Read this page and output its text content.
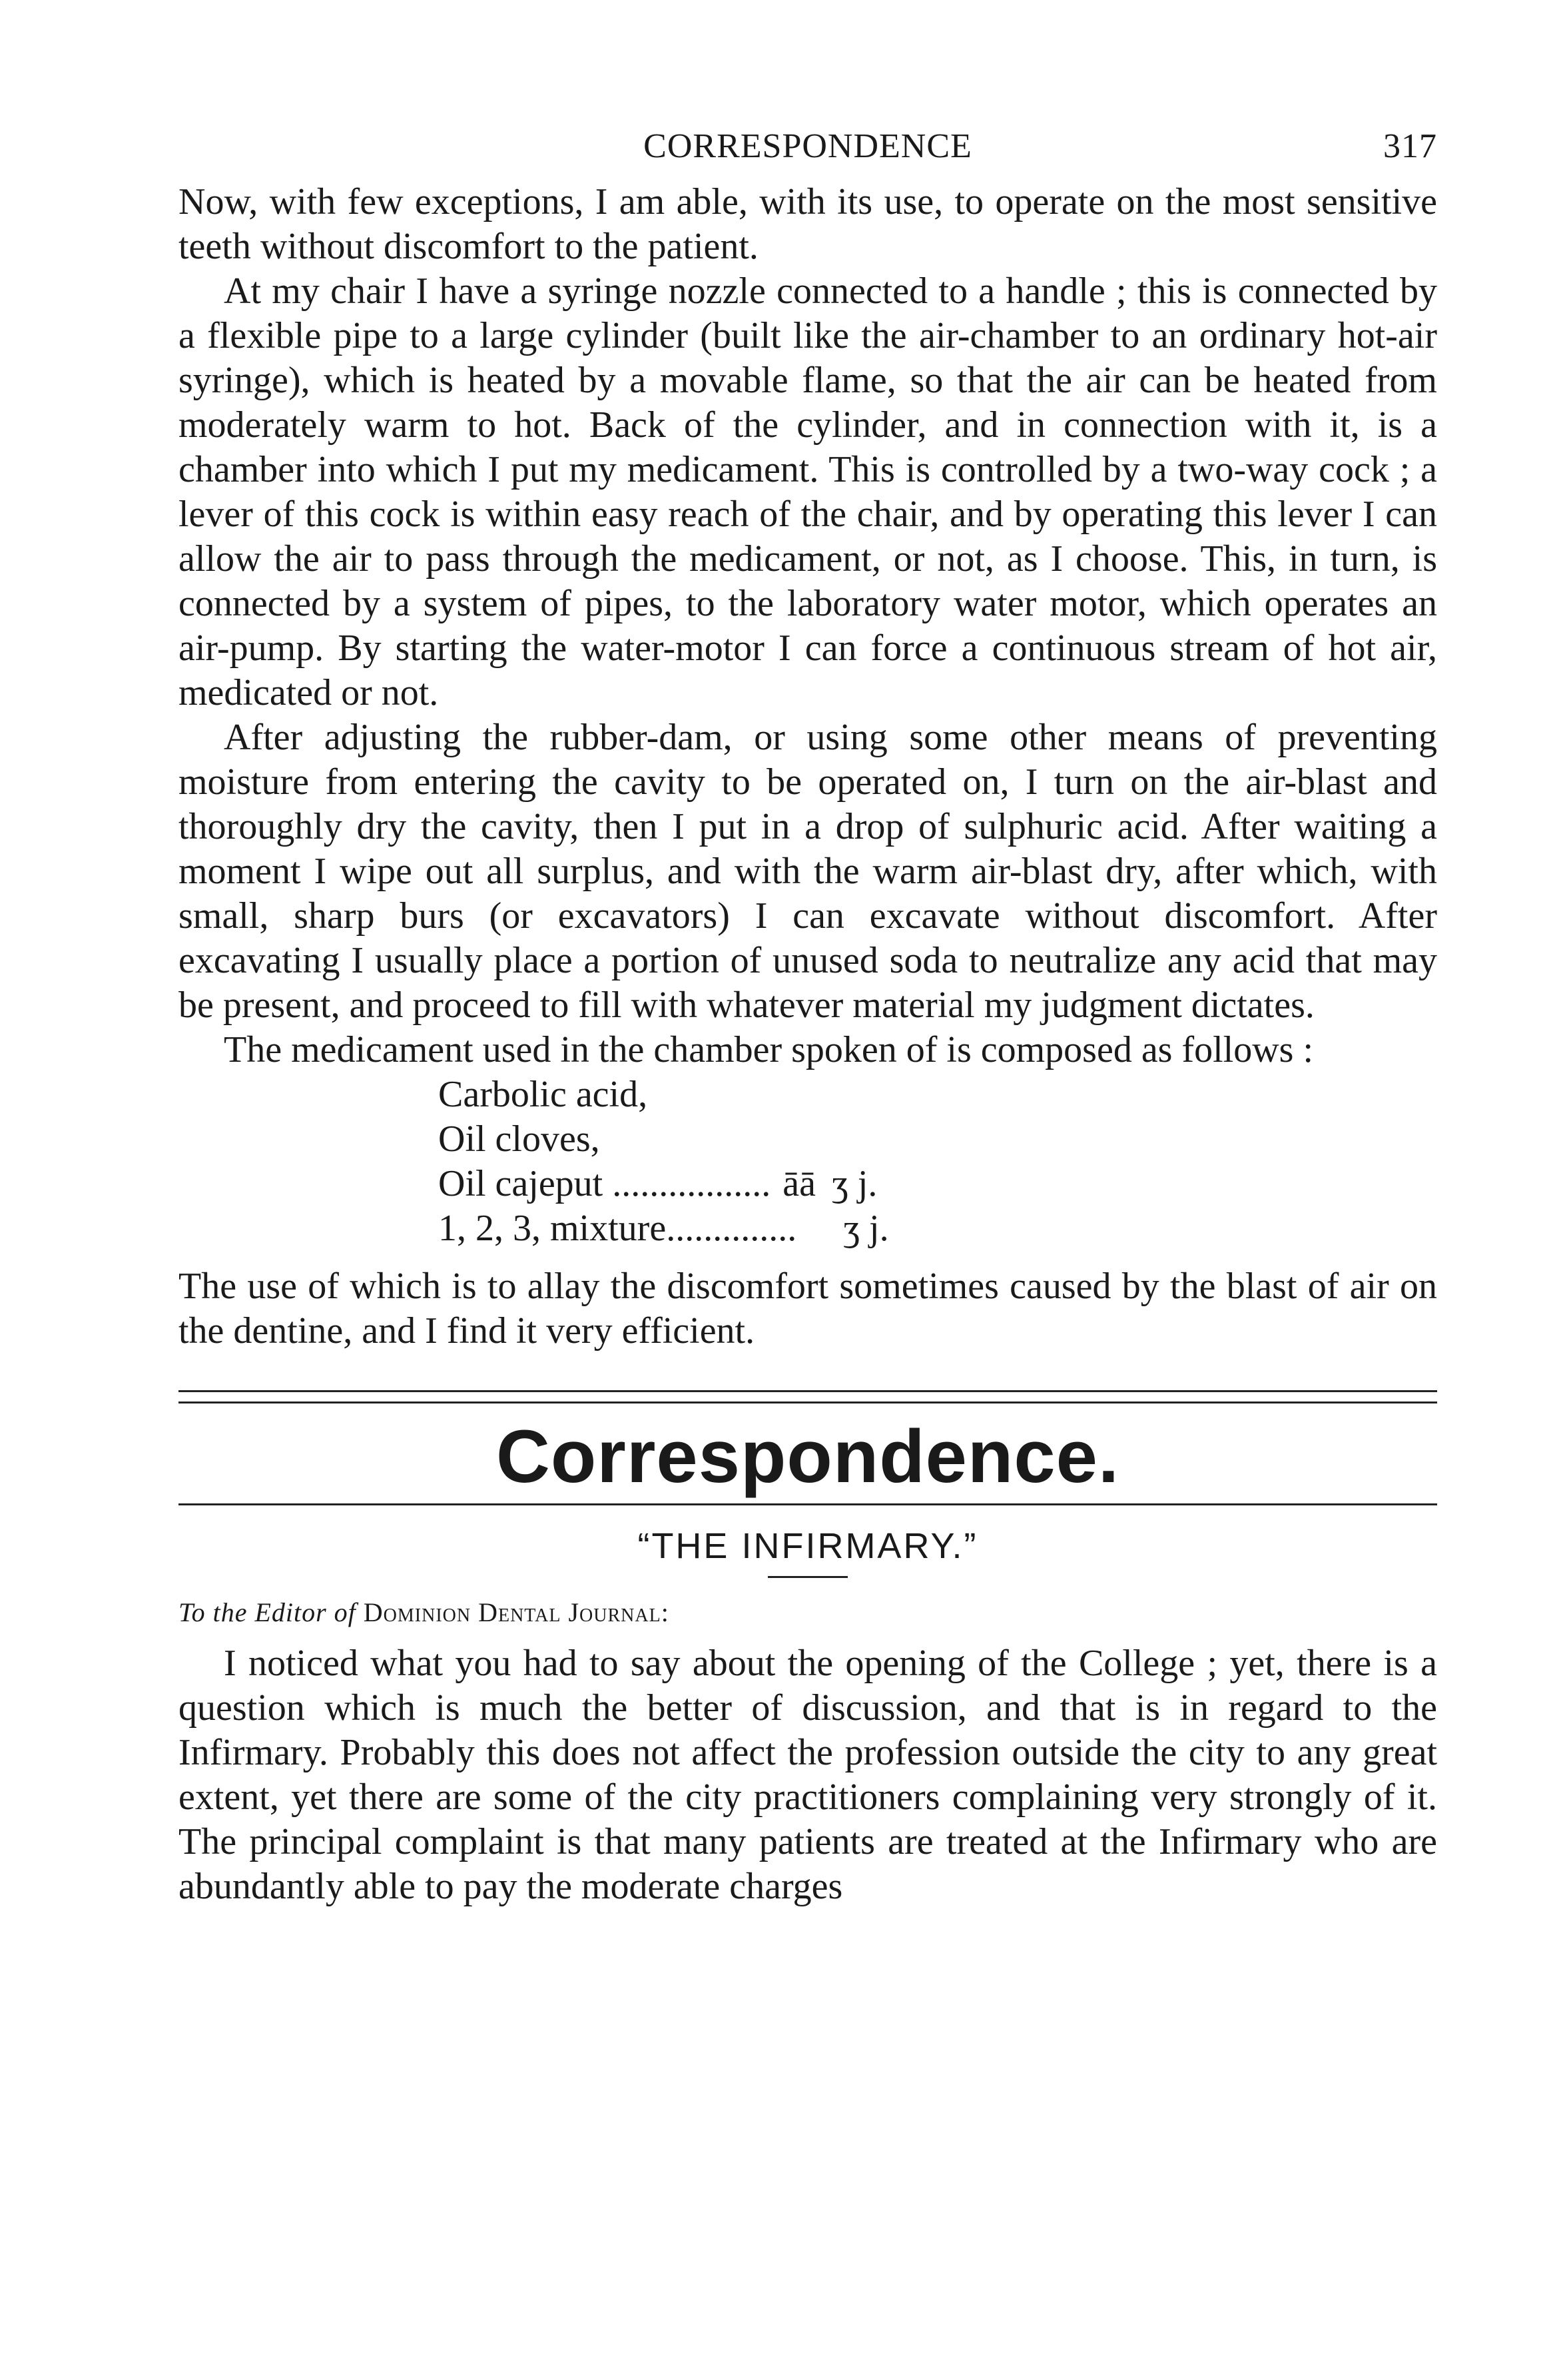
CORRESPONDENCE	317

Now, with few exceptions, I am able, with its use, to operate on the most sensitive teeth without discomfort to the patient.

At my chair I have a syringe nozzle connected to a handle ; this is connected by a flexible pipe to a large cylinder (built like the air-chamber to an ordinary hot-air syringe), which is heated by a movable flame, so that the air can be heated from moderately warm to hot. Back of the cylinder, and in connection with it, is a chamber into which I put my medicament. This is controlled by a two-way cock ; a lever of this cock is within easy reach of the chair, and by operating this lever I can allow the air to pass through the medicament, or not, as I choose. This, in turn, is connected by a system of pipes, to the laboratory water motor, which operates an air-pump. By starting the water-motor I can force a continuous stream of hot air, medicated or not.

After adjusting the rubber-dam, or using some other means of preventing moisture from entering the cavity to be operated on, I turn on the air-blast and thoroughly dry the cavity, then I put in a drop of sulphuric acid. After waiting a moment I wipe out all surplus, and with the warm air-blast dry, after which, with small, sharp burs (or excavators) I can excavate without discomfort. After excavating I usually place a portion of unused soda to neutralize any acid that may be present, and proceed to fill with whatever material my judgment dictates.

The medicament used in the chamber spoken of is composed as follows :

Carbolic acid,
Oil cloves,
Oil cajeput ................. āā ʒ j.
1, 2, 3, mixture .............. ʒ j.

The use of which is to allay the discomfort sometimes caused by the blast of air on the dentine, and I find it very efficient.

Correspondence.
“THE INFIRMARY.”
To the Editor of Dominion Dental Journal:

I noticed what you had to say about the opening of the College ; yet, there is a question which is much the better of discussion, and that is in regard to the Infirmary. Probably this does not affect the profession outside the city to any great extent, yet there are some of the city practitioners complaining very strongly of it. The principal complaint is that many patients are treated at the Infirmary who are abundantly able to pay the moderate charges
